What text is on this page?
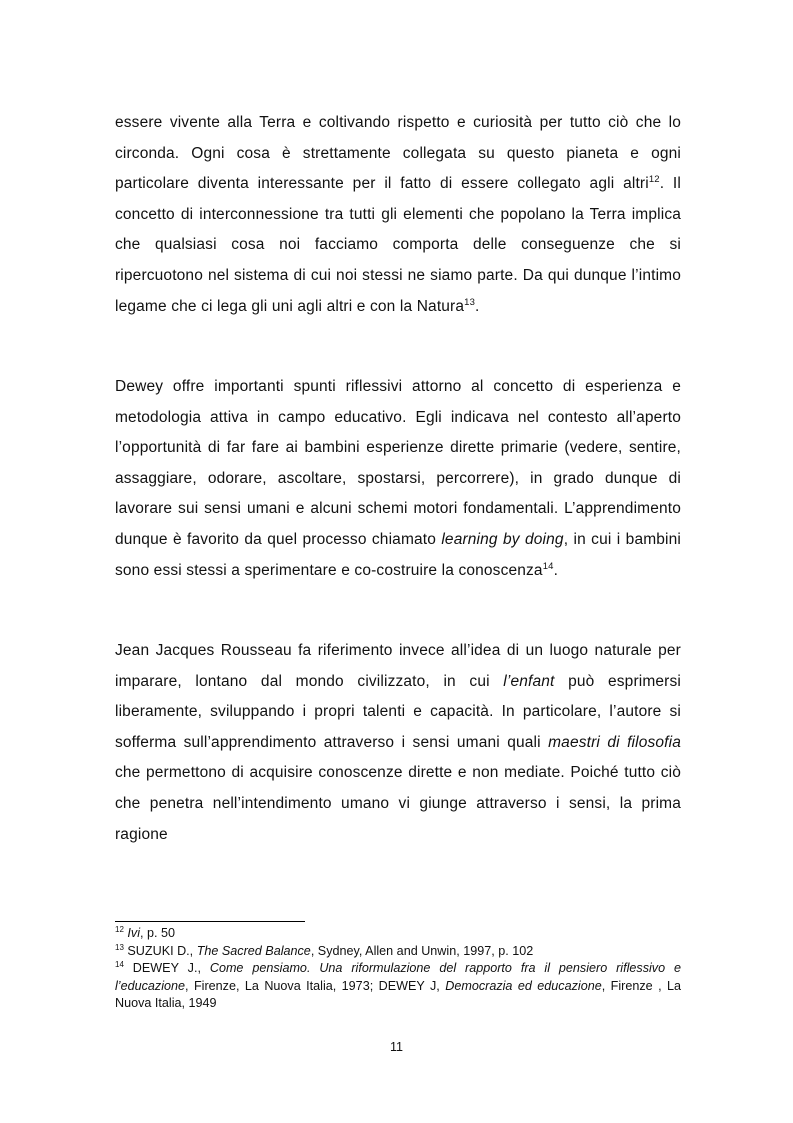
essere vivente alla Terra e coltivando rispetto e curiosità per tutto ciò che lo circonda. Ogni cosa è strettamente collegata su questo pianeta e ogni particolare diventa interessante per il fatto di essere collegato agli altri$^{12}$. Il concetto di interconnessione tra tutti gli elementi che popolano la Terra implica che qualsiasi cosa noi facciamo comporta delle conseguenze che si ripercuotono nel sistema di cui noi stessi ne siamo parte. Da qui dunque l’intimo legame che ci lega gli uni agli altri e con la Natura$^{13}$.

Dewey offre importanti spunti riflessivi attorno al concetto di esperienza e metodologia attiva in campo educativo. Egli indicava nel contesto all’aperto l’opportunità di far fare ai bambini esperienze dirette primarie (vedere, sentire, assaggiare, odorare, ascoltare, spostarsi, percorrere), in grado dunque di lavorare sui sensi umani e alcuni schemi motori fondamentali. L’apprendimento dunque è favorito da quel processo chiamato learning by doing, in cui i bambini sono essi stessi a sperimentare e co-costruire la conoscenza$^{14}$.

Jean Jacques Rousseau fa riferimento invece all’idea di un luogo naturale per imparare, lontano dal mondo civilizzato, in cui l’enfant può esprimersi liberamente, sviluppando i propri talenti e capacità. In particolare, l’autore si sofferma sull’apprendimento attraverso i sensi umani quali maestri di filosofia che permettono di acquisire conoscenze dirette e non mediate. Poiché tutto ciò che penetra nell’intendimento umano vi giunge attraverso i sensi, la prima ragione

$^{12}$ Ivi, p. 50

$^{13}$ SUZUKI D., The Sacred Balance, Sydney, Allen and Unwin, 1997, p. 102

$^{14}$ DEWEY J., Come pensiamo. Una riformulazione del rapporto fra il pensiero riflessivo e l’educazione, Firenze, La Nuova Italia, 1973; DEWEY J, Democrazia ed educazione, Firenze , La Nuova Italia, 1949

11
